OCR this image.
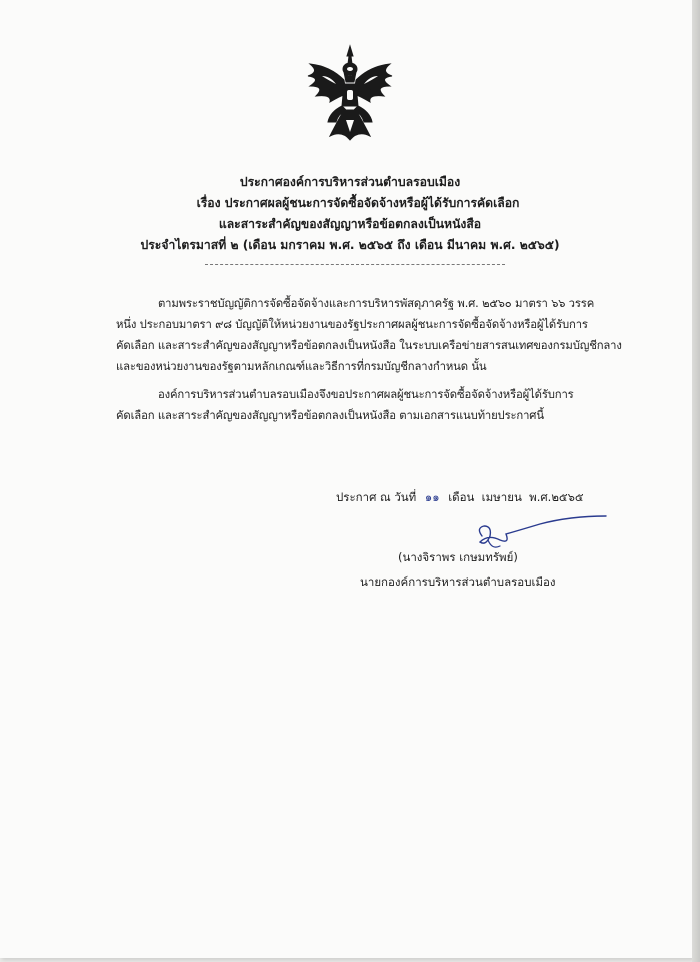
ประกาศองค์การบริหารส่วนตำบลรอบเมือง
เรื่อง ประกาศผลผู้ชนะการจัดซื้อจัดจ้างหรือผู้ได้รับการคัดเลือก
และสาระสำคัญของสัญญาหรือข้อตกลงเป็นหนังสือ
ประจำไตรมาสที่ ๒ (เดือน มกราคม พ.ศ. ๒๕๖๕ ถึง เดือน มีนาคม พ.ศ. ๒๕๖๕)
ตามพระราชบัญญัติการจัดซื้อจัดจ้างและการบริหารพัสดุภาครัฐ พ.ศ. ๒๕๖๐ มาตรา ๖๖ วรรค
หนึ่ง ประกอบมาตรา ๙๘ บัญญัติให้หน่วยงานของรัฐประกาศผลผู้ชนะการจัดซื้อจัดจ้างหรือผู้ได้รับการ
คัดเลือก และสาระสำคัญของสัญญาหรือข้อตกลงเป็นหนังสือ ในระบบเครือข่ายสารสนเทศของกรมบัญชีกลาง
และของหน่วยงานของรัฐตามหลักเกณฑ์และวิธีการที่กรมบัญชีกลางกำหนด นั้น
องค์การบริหารส่วนตำบลรอบเมืองจึงขอประกาศผลผู้ชนะการจัดซื้อจัดจ้างหรือผู้ได้รับการ
คัดเลือก และสาระสำคัญของสัญญาหรือข้อตกลงเป็นหนังสือ ตามเอกสารแนบท้ายประกาศนี้
ประกาศ ณ วันที่ ๑๑ เดือน เมษายน พ.ศ.๒๕๖๕
(นางจิราพร เกษมทรัพย์)
นายกองค์การบริหารส่วนตำบลรอบเมือง
